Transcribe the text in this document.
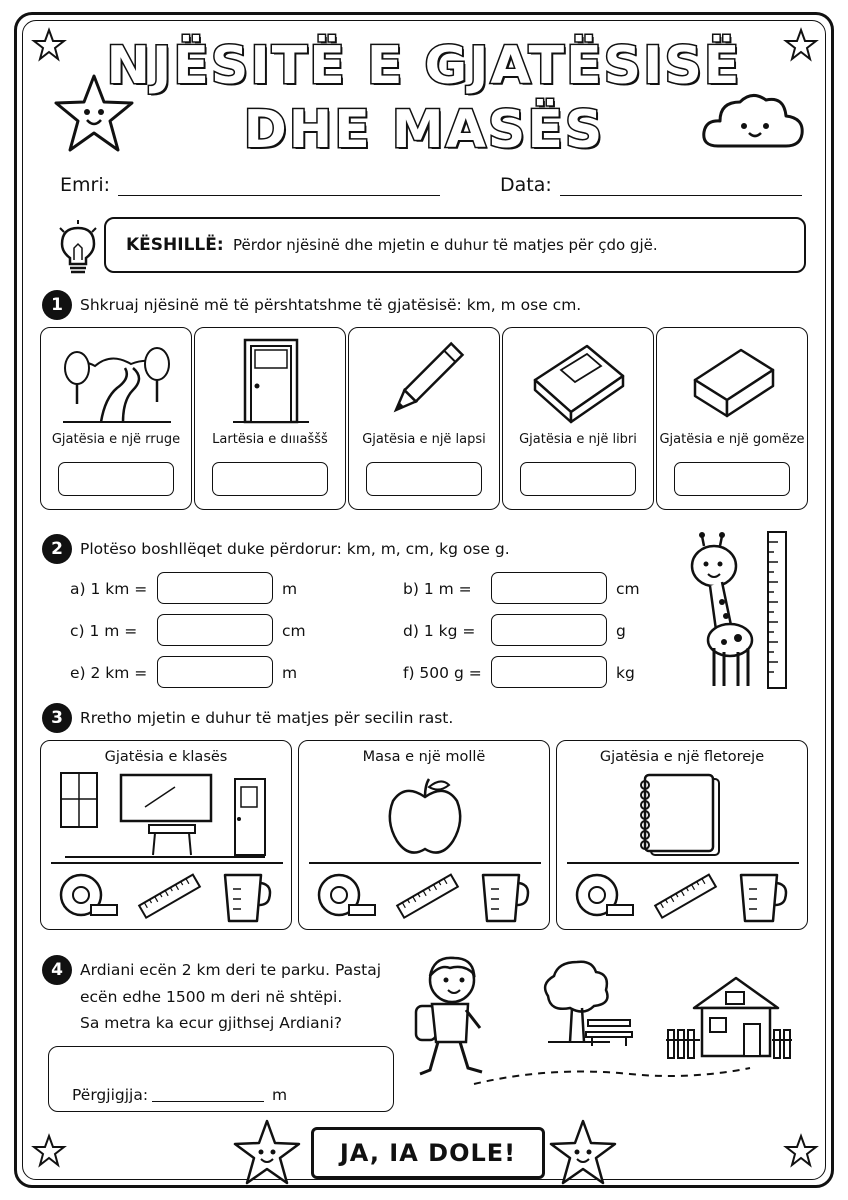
NJËSITË E GJATËSISË
DHE MASËS
Emri:	Data:
KËSHILLË: Përdor njësinë dhe mjetin e duhur të matjes për çdo gjë.
1	Shkruaj njësinë më të përshtatshme të gjatësisë: km, m ose cm.
Gjatësia e një rruge	Lartësia e dıııaššš	Gjatësia e një lapsi	Gjatësia e një libri	Gjatësia e një gomëze
2	Plotëso boshllëqet duke përdorur: km, m, cm, kg ose g.
a) 1 km =	m	b) 1 m =	cm
c) 1 m =	cm	d) 1 kg =	g
e) 2 km =	m	f) 500 g =	kg
3	Rretho mjetin e duhur të matjes për secilin rast.
Gjatësia e klasës	Masa e një mollë	Gjatësia e një fletoreje
4	Ardiani ecën 2 km deri te parku. Pastaj
ecën edhe 1500 m deri në shtëpi.
Sa metra ka ecur gjithsej Ardiani?
Përgjigjja:	m
JA, IA DOLE!
